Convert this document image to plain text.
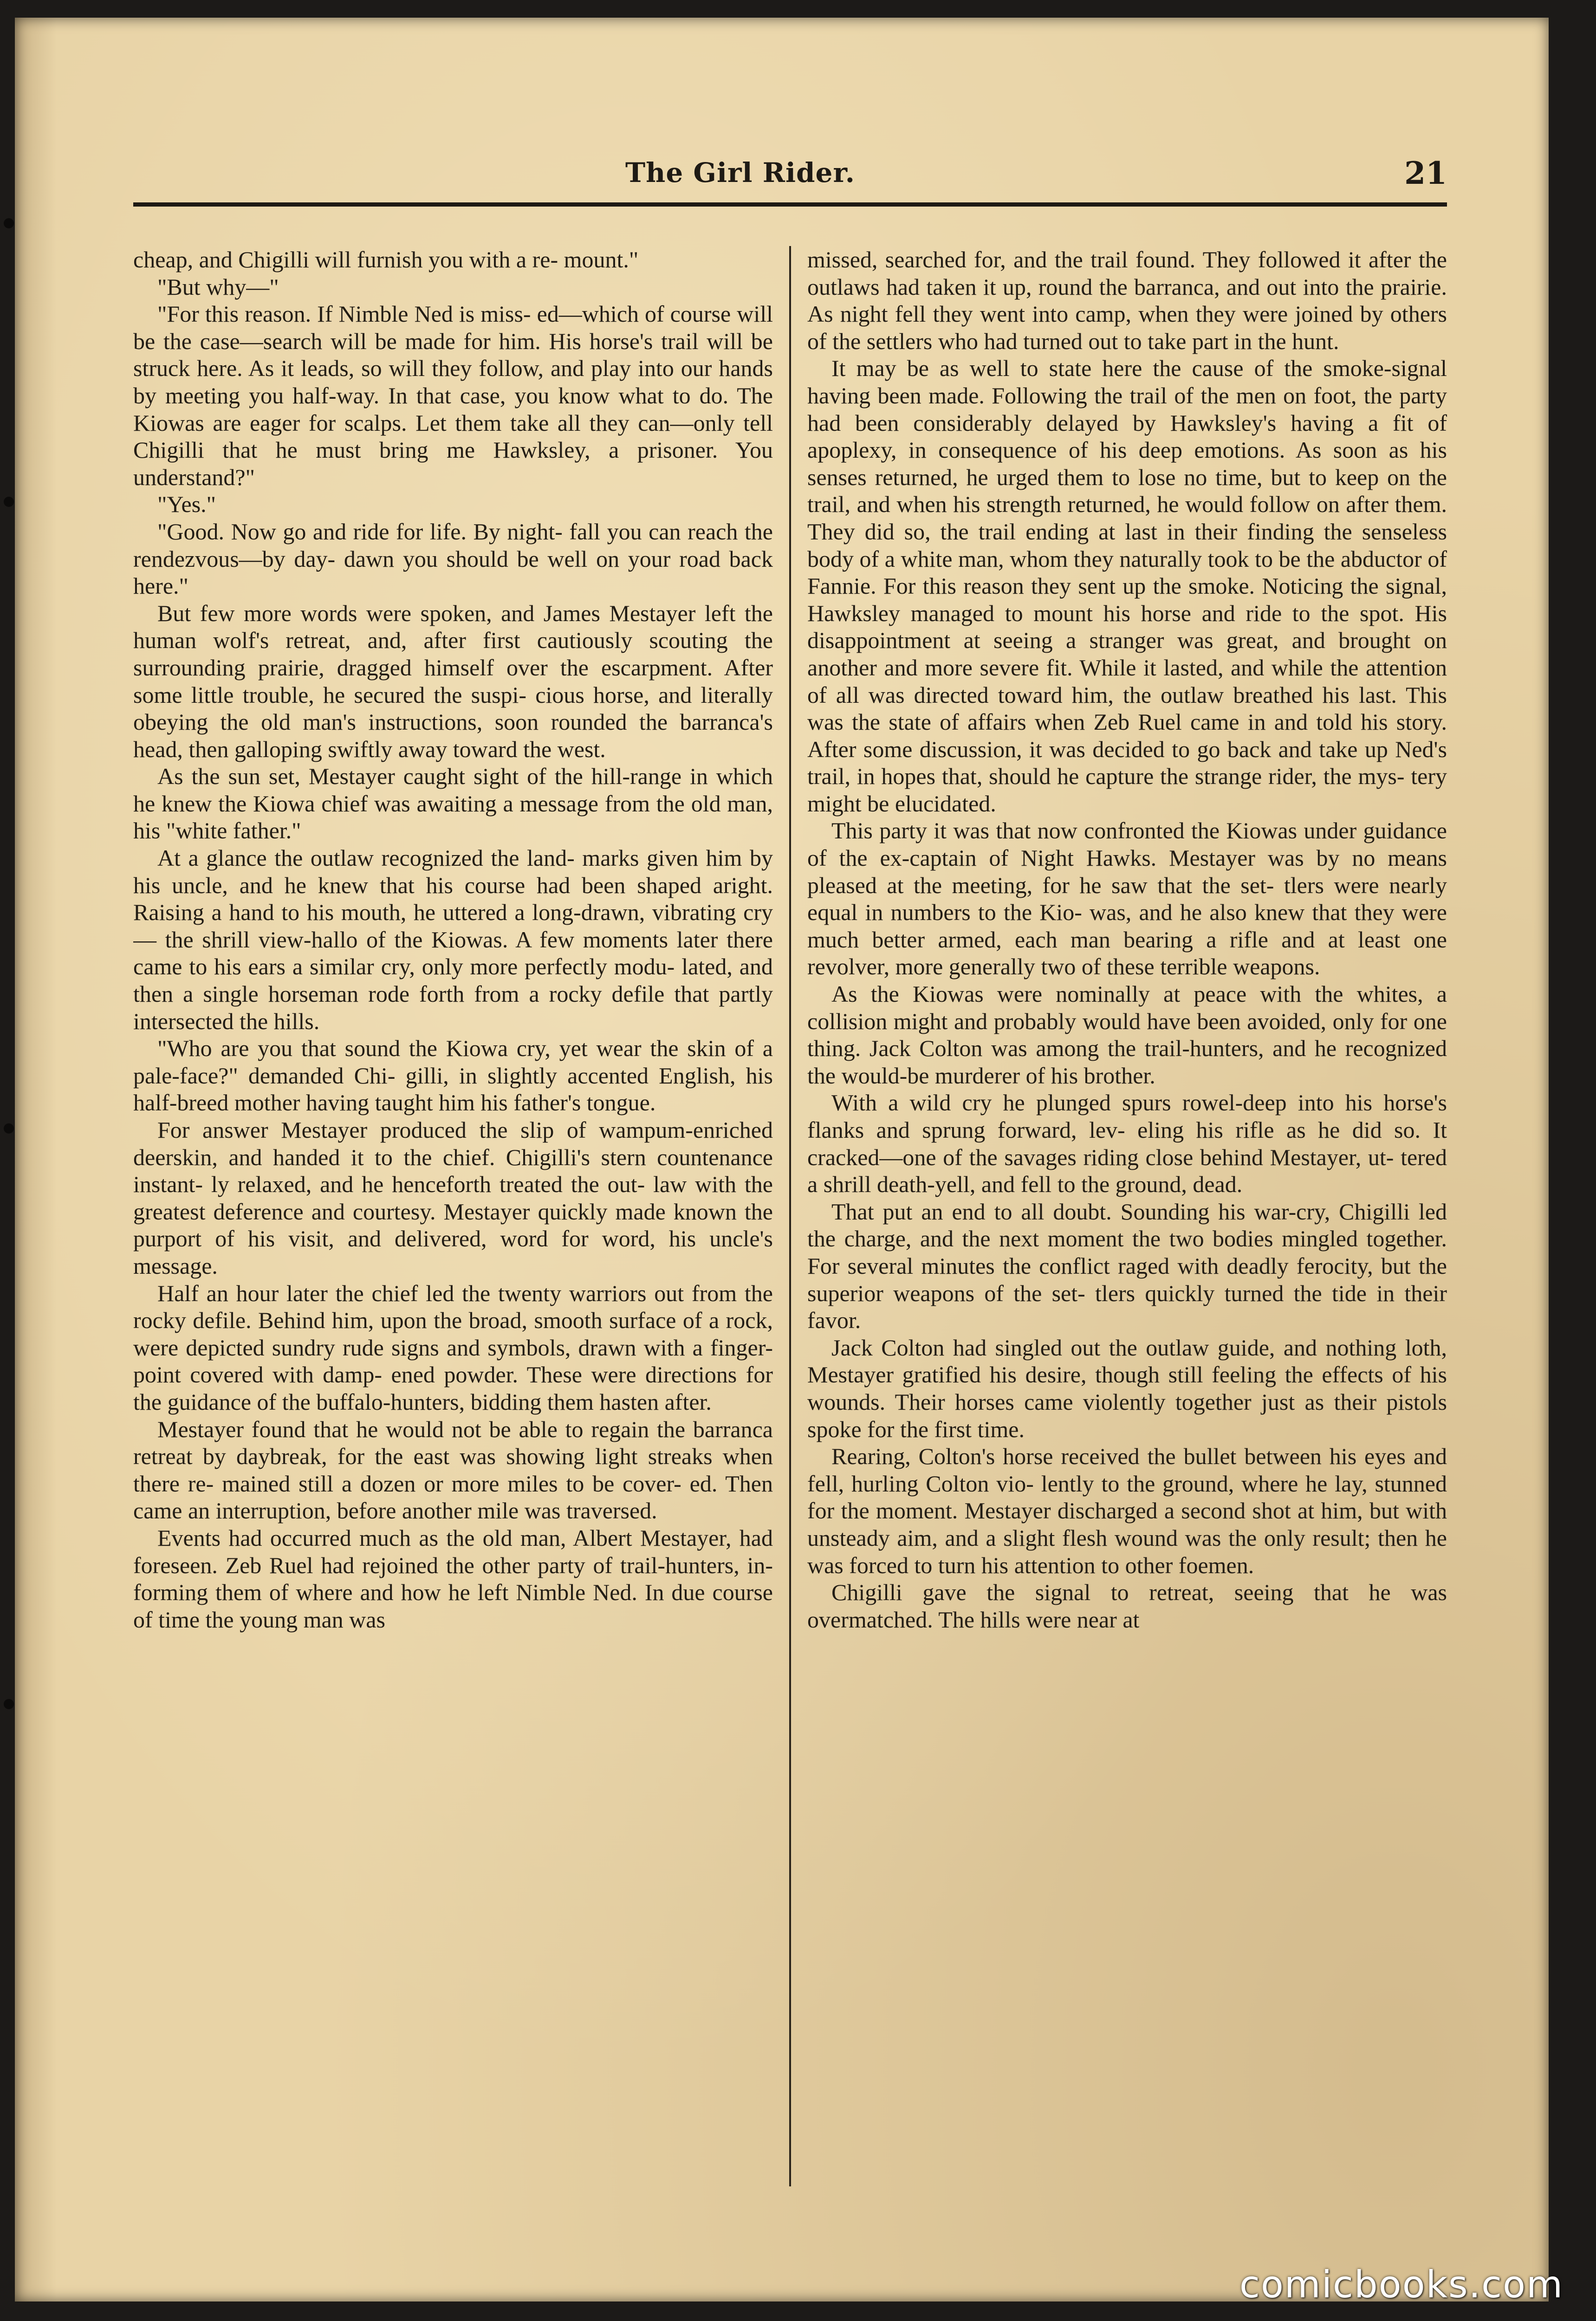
The Girl Rider.	21

cheap, and Chigilli will furnish you with a re- mount."

"But why—"

"For this reason. If Nimble Ned is miss- ed—which of course will be the case—search will be made for him. His horse's trail will be struck here. As it leads, so will they follow, and play into our hands by meeting you half-way. In that case, you know what to do. The Kiowas are eager for scalps. Let them take all they can—only tell Chigilli that he must bring me Hawksley, a prisoner. You understand?"

"Yes."

"Good. Now go and ride for life. By night- fall you can reach the rendezvous—by day- dawn you should be well on your road back here."

But few more words were spoken, and James Mestayer left the human wolf's retreat, and, after first cautiously scouting the surrounding prairie, dragged himself over the escarpment. After some little trouble, he secured the suspi- cious horse, and literally obeying the old man's instructions, soon rounded the barranca's head, then galloping swiftly away toward the west.

As the sun set, Mestayer caught sight of the hill-range in which he knew the Kiowa chief was awaiting a message from the old man, his "white father."

At a glance the outlaw recognized the land- marks given him by his uncle, and he knew that his course had been shaped aright. Raising a hand to his mouth, he uttered a long-drawn, vibrating cry — the shrill view-hallo of the Kiowas. A few moments later there came to his ears a similar cry, only more perfectly modu- lated, and then a single horseman rode forth from a rocky defile that partly intersected the hills.

"Who are you that sound the Kiowa cry, yet wear the skin of a pale-face?" demanded Chi- gilli, in slightly accented English, his half-breed mother having taught him his father's tongue.

For answer Mestayer produced the slip of wampum-enriched deerskin, and handed it to the chief. Chigilli's stern countenance instant- ly relaxed, and he henceforth treated the out- law with the greatest deference and courtesy. Mestayer quickly made known the purport of his visit, and delivered, word for word, his uncle's message.

Half an hour later the chief led the twenty warriors out from the rocky defile. Behind him, upon the broad, smooth surface of a rock, were depicted sundry rude signs and symbols, drawn with a finger-point covered with damp- ened powder. These were directions for the guidance of the buffalo-hunters, bidding them hasten after.

Mestayer found that he would not be able to regain the barranca retreat by daybreak, for the east was showing light streaks when there re- mained still a dozen or more miles to be cover- ed. Then came an interruption, before another mile was traversed.

Events had occurred much as the old man, Albert Mestayer, had foreseen. Zeb Ruel had rejoined the other party of trail-hunters, in- forming them of where and how he left Nimble Ned. In due course of time the young man was

missed, searched for, and the trail found. They followed it after the outlaws had taken it up, round the barranca, and out into the prairie. As night fell they went into camp, when they were joined by others of the settlers who had turned out to take part in the hunt.

It may be as well to state here the cause of the smoke-signal having been made. Following the trail of the men on foot, the party had been considerably delayed by Hawksley's having a fit of apoplexy, in consequence of his deep emotions. As soon as his senses returned, he urged them to lose no time, but to keep on the trail, and when his strength returned, he would follow on after them. They did so, the trail ending at last in their finding the senseless body of a white man, whom they naturally took to be the abductor of Fannie. For this reason they sent up the smoke. Noticing the signal, Hawksley managed to mount his horse and ride to the spot. His disappointment at seeing a stranger was great, and brought on another and more severe fit. While it lasted, and while the attention of all was directed toward him, the outlaw breathed his last. This was the state of affairs when Zeb Ruel came in and told his story. After some discussion, it was decided to go back and take up Ned's trail, in hopes that, should he capture the strange rider, the mys- tery might be elucidated.

This party it was that now confronted the Kiowas under guidance of the ex-captain of Night Hawks. Mestayer was by no means pleased at the meeting, for he saw that the set- tlers were nearly equal in numbers to the Kio- was, and he also knew that they were much better armed, each man bearing a rifle and at least one revolver, more generally two of these terrible weapons.

As the Kiowas were nominally at peace with the whites, a collision might and probably would have been avoided, only for one thing. Jack Colton was among the trail-hunters, and he recognized the would-be murderer of his brother.

With a wild cry he plunged spurs rowel-deep into his horse's flanks and sprung forward, lev- eling his rifle as he did so. It cracked—one of the savages riding close behind Mestayer, ut- tered a shrill death-yell, and fell to the ground, dead.

That put an end to all doubt. Sounding his war-cry, Chigilli led the charge, and the next moment the two bodies mingled together. For several minutes the conflict raged with deadly ferocity, but the superior weapons of the set- tlers quickly turned the tide in their favor.

Jack Colton had singled out the outlaw guide, and nothing loth, Mestayer gratified his desire, though still feeling the effects of his wounds. Their horses came violently together just as their pistols spoke for the first time.

Rearing, Colton's horse received the bullet between his eyes and fell, hurling Colton vio- lently to the ground, where he lay, stunned for the moment. Mestayer discharged a second shot at him, but with unsteady aim, and a slight flesh wound was the only result; then he was forced to turn his attention to other foemen.

Chigilli gave the signal to retreat, seeing that he was overmatched. The hills were near at

comicbooks.com
